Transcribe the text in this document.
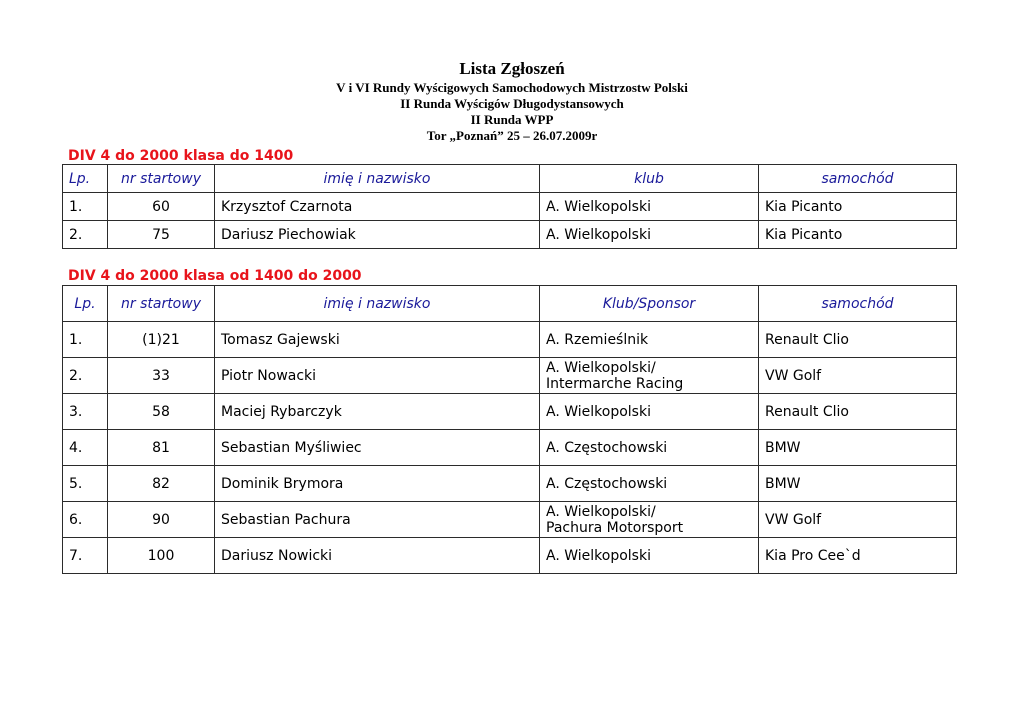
Lista Zgłoszeń
V i VI Rundy Wyścigowych Samochodowych Mistrzostw Polski
II Runda Wyścigów Długodystansowych
II Runda WPP
Tor „Poznań” 25 – 26.07.2009r
DIV 4 do 2000 klasa do 1400
Lp.	nr startowy	imię i nazwisko	klub	samochód
1.	60	Krzysztof Czarnota	A. Wielkopolski	Kia Picanto
2.	75	Dariusz Piechowiak	A. Wielkopolski	Kia Picanto
DIV 4 do 2000 klasa od 1400 do 2000
Lp.	nr startowy	imię i nazwisko	Klub/Sponsor	samochód
1.	(1)21	Tomasz Gajewski	A. Rzemieślnik	Renault Clio
2.	33	Piotr Nowacki	A. Wielkopolski/
Intermarche Racing	VW Golf
3.	58	Maciej Rybarczyk	A. Wielkopolski	Renault Clio
4.	81	Sebastian Myśliwiec	A. Częstochowski	BMW
5.	82	Dominik Brymora	A. Częstochowski	BMW
6.	90	Sebastian Pachura	A. Wielkopolski/
Pachura Motorsport	VW Golf
7.	100	Dariusz Nowicki	A. Wielkopolski	Kia Pro Cee`d
